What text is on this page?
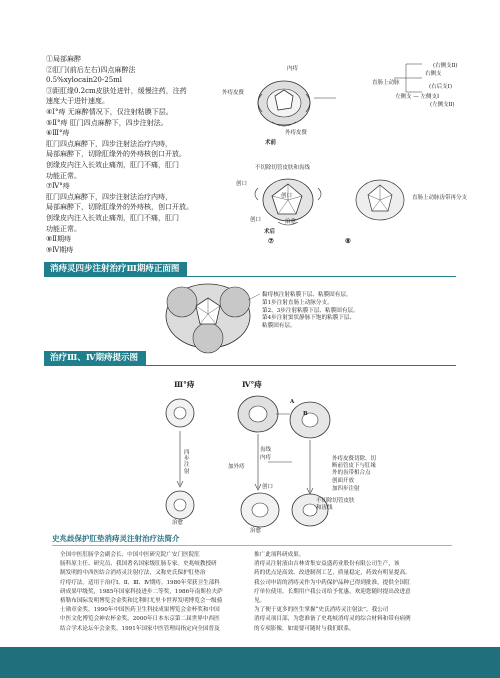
①局部麻醉
②肛门(前后左右)四点麻醉法
0.5%xylocain20-25ml
③距肛缘0.2cm皮肤处进针，缓慢注药，注药
速度大于进针速度。
④Ⅰ°痔 无麻醉情况下，仅注射粘膜下层。
⑤Ⅱ°痔 肛门四点麻醉下，四步注射法。
⑥Ⅲ°痔
肛门四点麻醉下，四步注射法治疗内痔，
局部麻醉下，切除肛缘外的外痔核创口开放。
创缘皮内注入长效止痛剂，肛门不痛，肛门
功能正常。
⑦Ⅳ°痔
肛门四点麻醉下，四步注射法治疗内痔，
局部麻醉下，切除肛缘外的外痔核，创口开放。
创缘皮内注入长效止痛剂，肛门不痛，肛门
功能正常。
⑧Ⅱ期痔
⑨Ⅳ期痔
内痔
外痔皮赘
外痔皮赘
术前
直肠上动脉
(右侧支Ⅱ)
右侧支
(右后支Ⅰ)
左侧支 — 左侧支Ⅰ
(左侧支Ⅱ)
不切除切管皮肤和齿线
创口
创口
创口	治愈
术后
直肠上动脉齿带再分支
⑦	⑧
消痔灵四步注射治疗Ⅲ期痔正面图
黏痔核注射粘膜下层、粘膜固有层。
第1步注射直肠上动脉分支。
第2、3步注射粘膜下层、粘膜固有层。
第4步注射窦状静脉下饱的粘膜下层、
粘膜固有层。
治疗Ⅲ、Ⅳ期痔提示图
Ⅲ°痔	Ⅳ°痔
四步注射
治愈
A
B
齿线
内痔
加外痔
外痔皮赘切除、切
断前管皮下与肛缘
外的齿带相合点
创面开放
加四步注射
不切除切管皮肤
和齿线
创口
治愈
史兆歧保护肛垫消痔灵注射治疗法简介
全国中医肛肠学会副会长、中国中医研究院广安门医院肛
肠科原主任、研究员、我国著名国家级肛肠专家。史兆岐教授研
制发明的中西医结合消痔灵注射疗法，又称史氏保护肛垫治
疗痔疗法。适用于治疗Ⅰ、Ⅱ、Ⅲ、Ⅳ期痔。1980年荣获卫生部科
研成果甲级奖，1985年国家科技进步二等奖，1986年南斯拉夫萨
格勒布国际发明博览会金奖和比利时尤里卡世界发明博览会一级骑
士勋章金奖。1990年中国医药卫生科技成果博览会金杯奖和中国
中医文化博览会神农杯金奖，2000年日本东京第二届世界中西医
结合学术论坛年会金奖。1991年国家中医管理局指定向全国普及
推广此项科研成果。
消痔灵注射液由吉林省集安益盛药业股份有限公司生产，该
药的优点是高效、改进制剂工艺，质量稳定，药效有明显提高。
我公司申请的消痔灵作为中药保护品种已得到批准，提供全国肛
疗单位使用，长期用户我公司给予优惠，欢迎您随时提出改进意
见。
为了便于更多的医生掌握“史氏消痔灵注射法”，我公司
消痔灵项目部，为您准备了史兆岐消痔灵的综合材料和带有病例
的专项影像，如需要可随时与我们联系。
